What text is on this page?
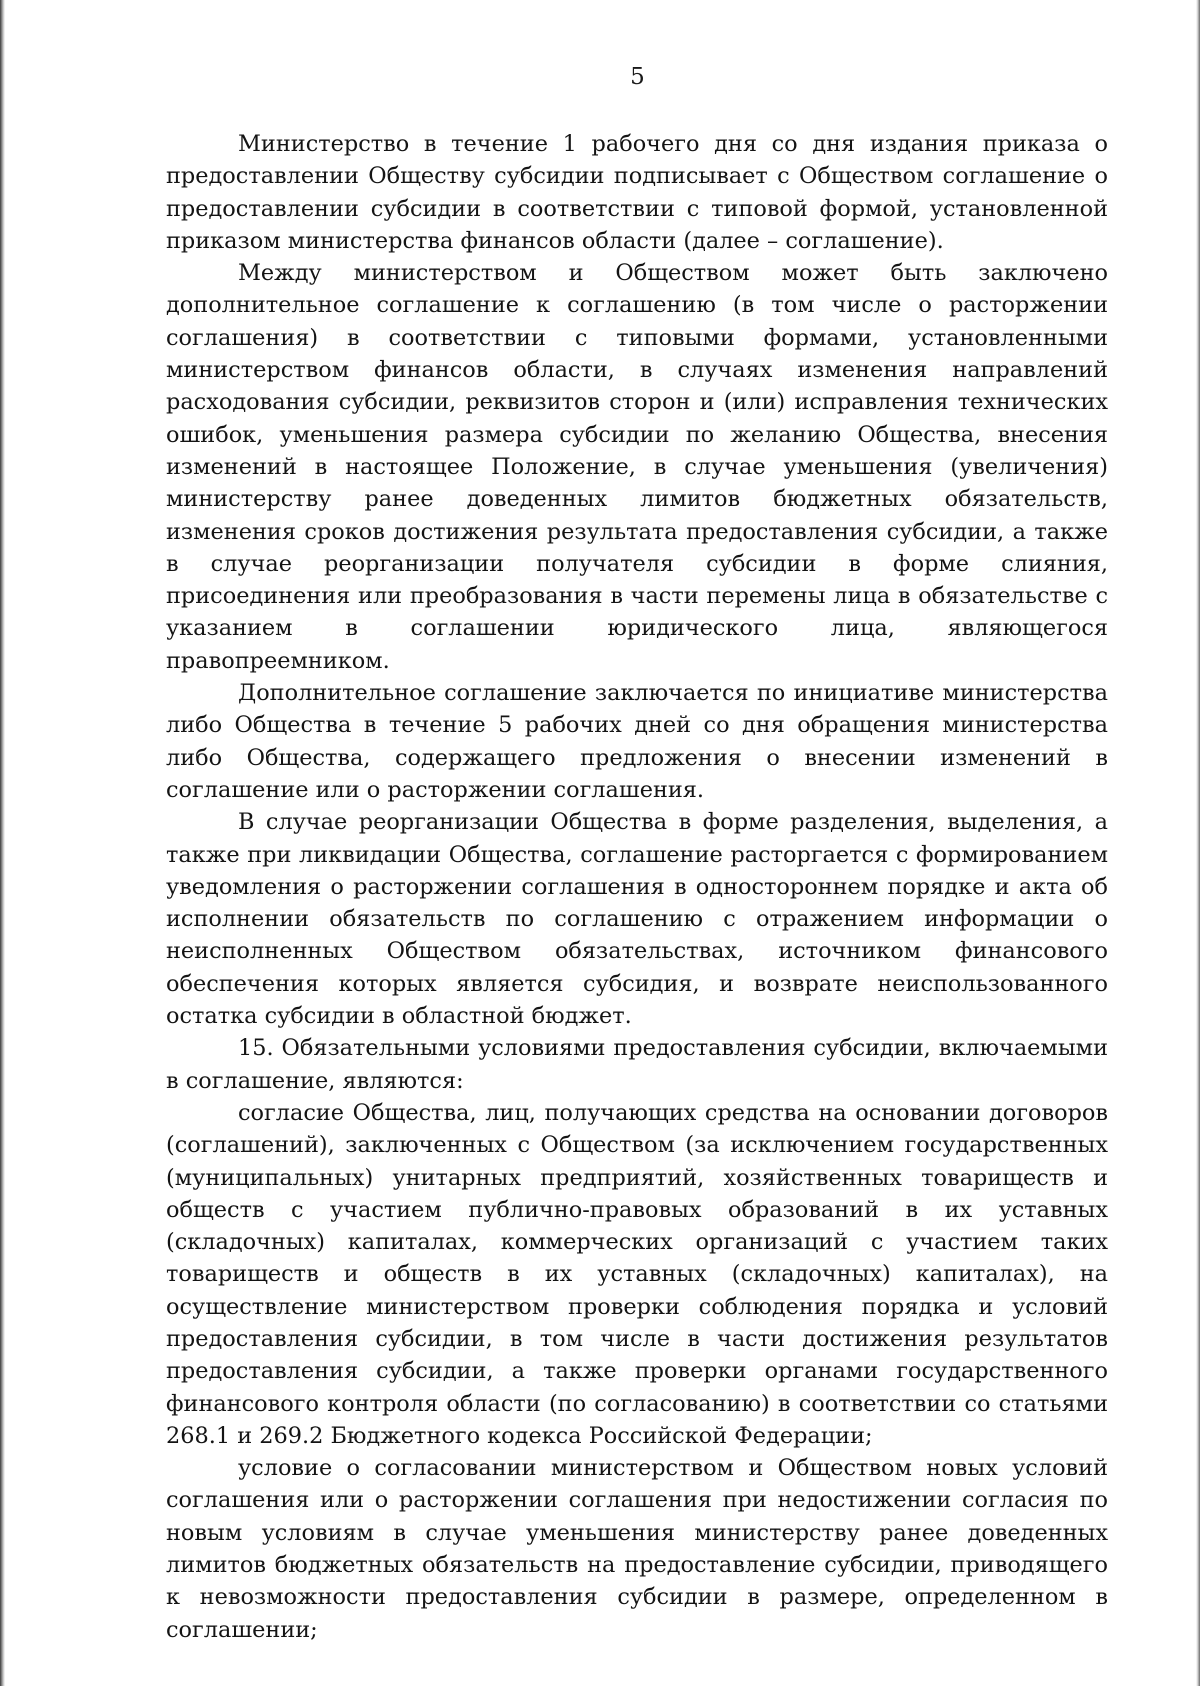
5

Министерство в течение 1 рабочего дня со дня издания приказа о предоставлении Обществу субсидии подписывает с Обществом соглашение о предоставлении субсидии в соответствии с типовой формой, установленной приказом министерства финансов области (далее – соглашение).

Между министерством и Обществом может быть заключено дополнительное соглашение к соглашению (в том числе о расторжении соглашения) в соответствии с типовыми формами, установленными министерством финансов области, в случаях изменения направлений расходования субсидии, реквизитов сторон и (или) исправления технических ошибок, уменьшения размера субсидии по желанию Общества, внесения изменений в настоящее Положение, в случае уменьшения (увеличения) министерству ранее доведенных лимитов бюджетных обязательств, изменения сроков достижения результата предоставления субсидии, а также в случае реорганизации получателя субсидии в форме слияния, присоединения или преобразования в части перемены лица в обязательстве с указанием в соглашении юридического лица, являющегося правопреемником.

Дополнительное соглашение заключается по инициативе министерства либо Общества в течение 5 рабочих дней со дня обращения министерства либо Общества, содержащего предложения о внесении изменений в соглашение или о расторжении соглашения.

В случае реорганизации Общества в форме разделения, выделения, а также при ликвидации Общества, соглашение расторгается с формированием уведомления о расторжении соглашения в одностороннем порядке и акта об исполнении обязательств по соглашению с отражением информации о неисполненных Обществом обязательствах, источником финансового обеспечения которых является субсидия, и возврате неиспользованного остатка субсидии в областной бюджет.

15. Обязательными условиями предоставления субсидии, включаемыми в соглашение, являются:

согласие Общества, лиц, получающих средства на основании договоров (соглашений), заключенных с Обществом (за исключением государственных (муниципальных) унитарных предприятий, хозяйственных товариществ и обществ с участием публично-правовых образований в их уставных (складочных) капиталах, коммерческих организаций с участием таких товариществ и обществ в их уставных (складочных) капиталах), на осуществление министерством проверки соблюдения порядка и условий предоставления субсидии, в том числе в части достижения результатов предоставления субсидии, а также проверки органами государственного финансового контроля области (по согласованию) в соответствии со статьями 268.1 и 269.2 Бюджетного кодекса Российской Федерации;

условие о согласовании министерством и Обществом новых условий соглашения или о расторжении соглашения при недостижении согласия по новым условиям в случае уменьшения министерству ранее доведенных лимитов бюджетных обязательств на предоставление субсидии, приводящего к невозможности предоставления субсидии в размере, определенном в соглашении;
